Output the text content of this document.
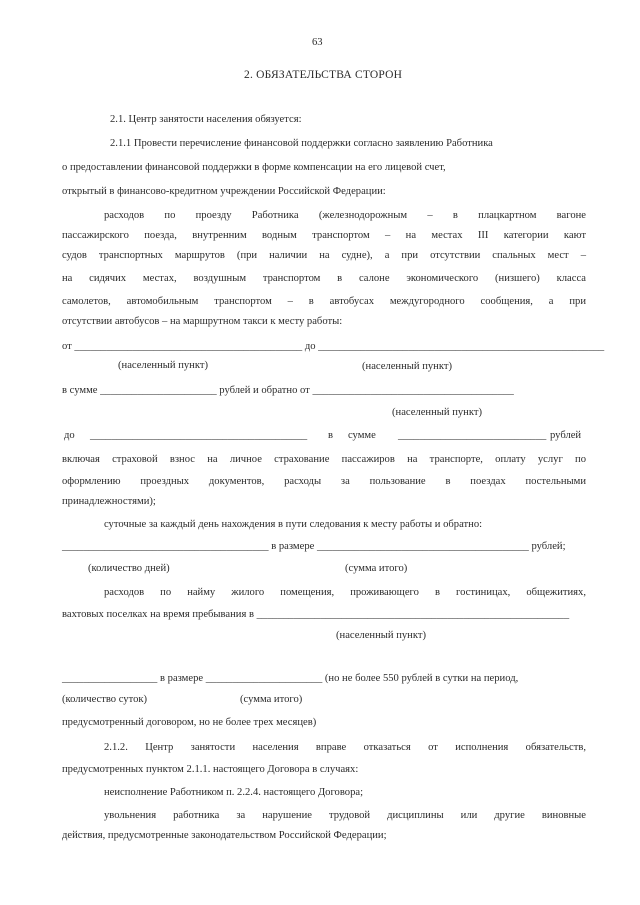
63
2. ОБЯЗАТЕЛЬСТВА СТОРОН
2.1. Центр занятости населения обязуется:
2.1.1 Провести перечисление финансовой поддержки согласно заявлению Работника
о предоставлении финансовой поддержки в форме компенсации на его лицевой счет,
открытый в финансово-кредитном учреждении Российской Федерации:
расходов по проезду Работника (железнодорожным – в плацкартном вагоне
пассажирского поезда, внутренним водным транспортом – на местах III категории кают
судов транспортных маршрутов (при наличии на судне), а при отсутствии спальных мест –
на сидячих местах, воздушным транспортом в салоне экономического (низшего) класса
самолетов, автомобильным транспортом – в автобусах междугородного сообщения, а при
отсутствии автобусов – на маршрутном такси к месту работы:
от ___________________________________________ до ______________________________________________________
(населенный пункт)	(населенный пункт)
в сумме ______________________ рублей и обратно от ______________________________________
(населенный пункт)
до _________________________________________ в сумме ____________________________ рублей
включая страховой взнос на личное страхование пассажиров на транспорте, оплату услуг по
оформлению проездных документов, расходы за пользование в поездах постельными
принадлежностями);
суточные за каждый день нахождения в пути следования к месту работы и обратно:
_______________________________________ в размере ________________________________________ рублей;
(количество дней)	(сумма итого)
расходов по найму жилого помещения, проживающего в гостиницах, общежитиях,
вахтовых поселках на время пребывания в ___________________________________________________________
(населенный пункт)
__________________ в размере ______________________ (но не более 550 рублей в сутки на период,
(количество суток)	(сумма итого)
предусмотренный договором, но не более трех месяцев)
2.1.2. Центр занятости населения вправе отказаться от исполнения обязательств,
предусмотренных пунктом 2.1.1. настоящего Договора в случаях:
неисполнение Работником п. 2.2.4. настоящего Договора;
увольнения работника за нарушение трудовой дисциплины или другие виновные
действия, предусмотренные законодательством Российской Федерации;
